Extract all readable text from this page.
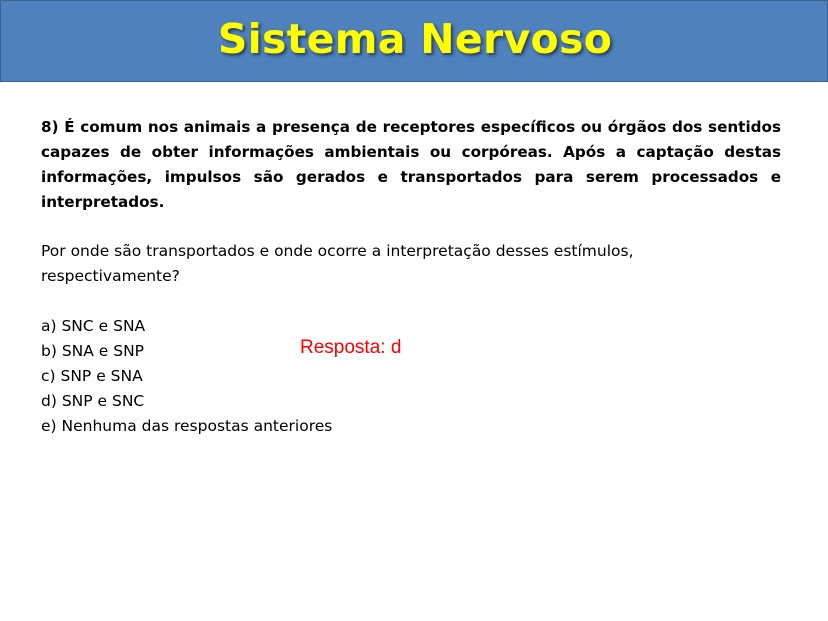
Sistema Nervoso

8) É comum nos animais a presença de receptores específicos ou órgãos dos sentidos capazes de obter informações ambientais ou corpóreas. Após a captação destas informações, impulsos são gerados e transportados para serem processados e interpretados.

Por onde são transportados e onde ocorre a interpretação desses estímulos,
respectivamente?
a) SNC e SNA
b) SNA e SNP
c) SNP e SNA
d) SNP e SNC
e) Nenhuma das respostas anteriores
Resposta: d
